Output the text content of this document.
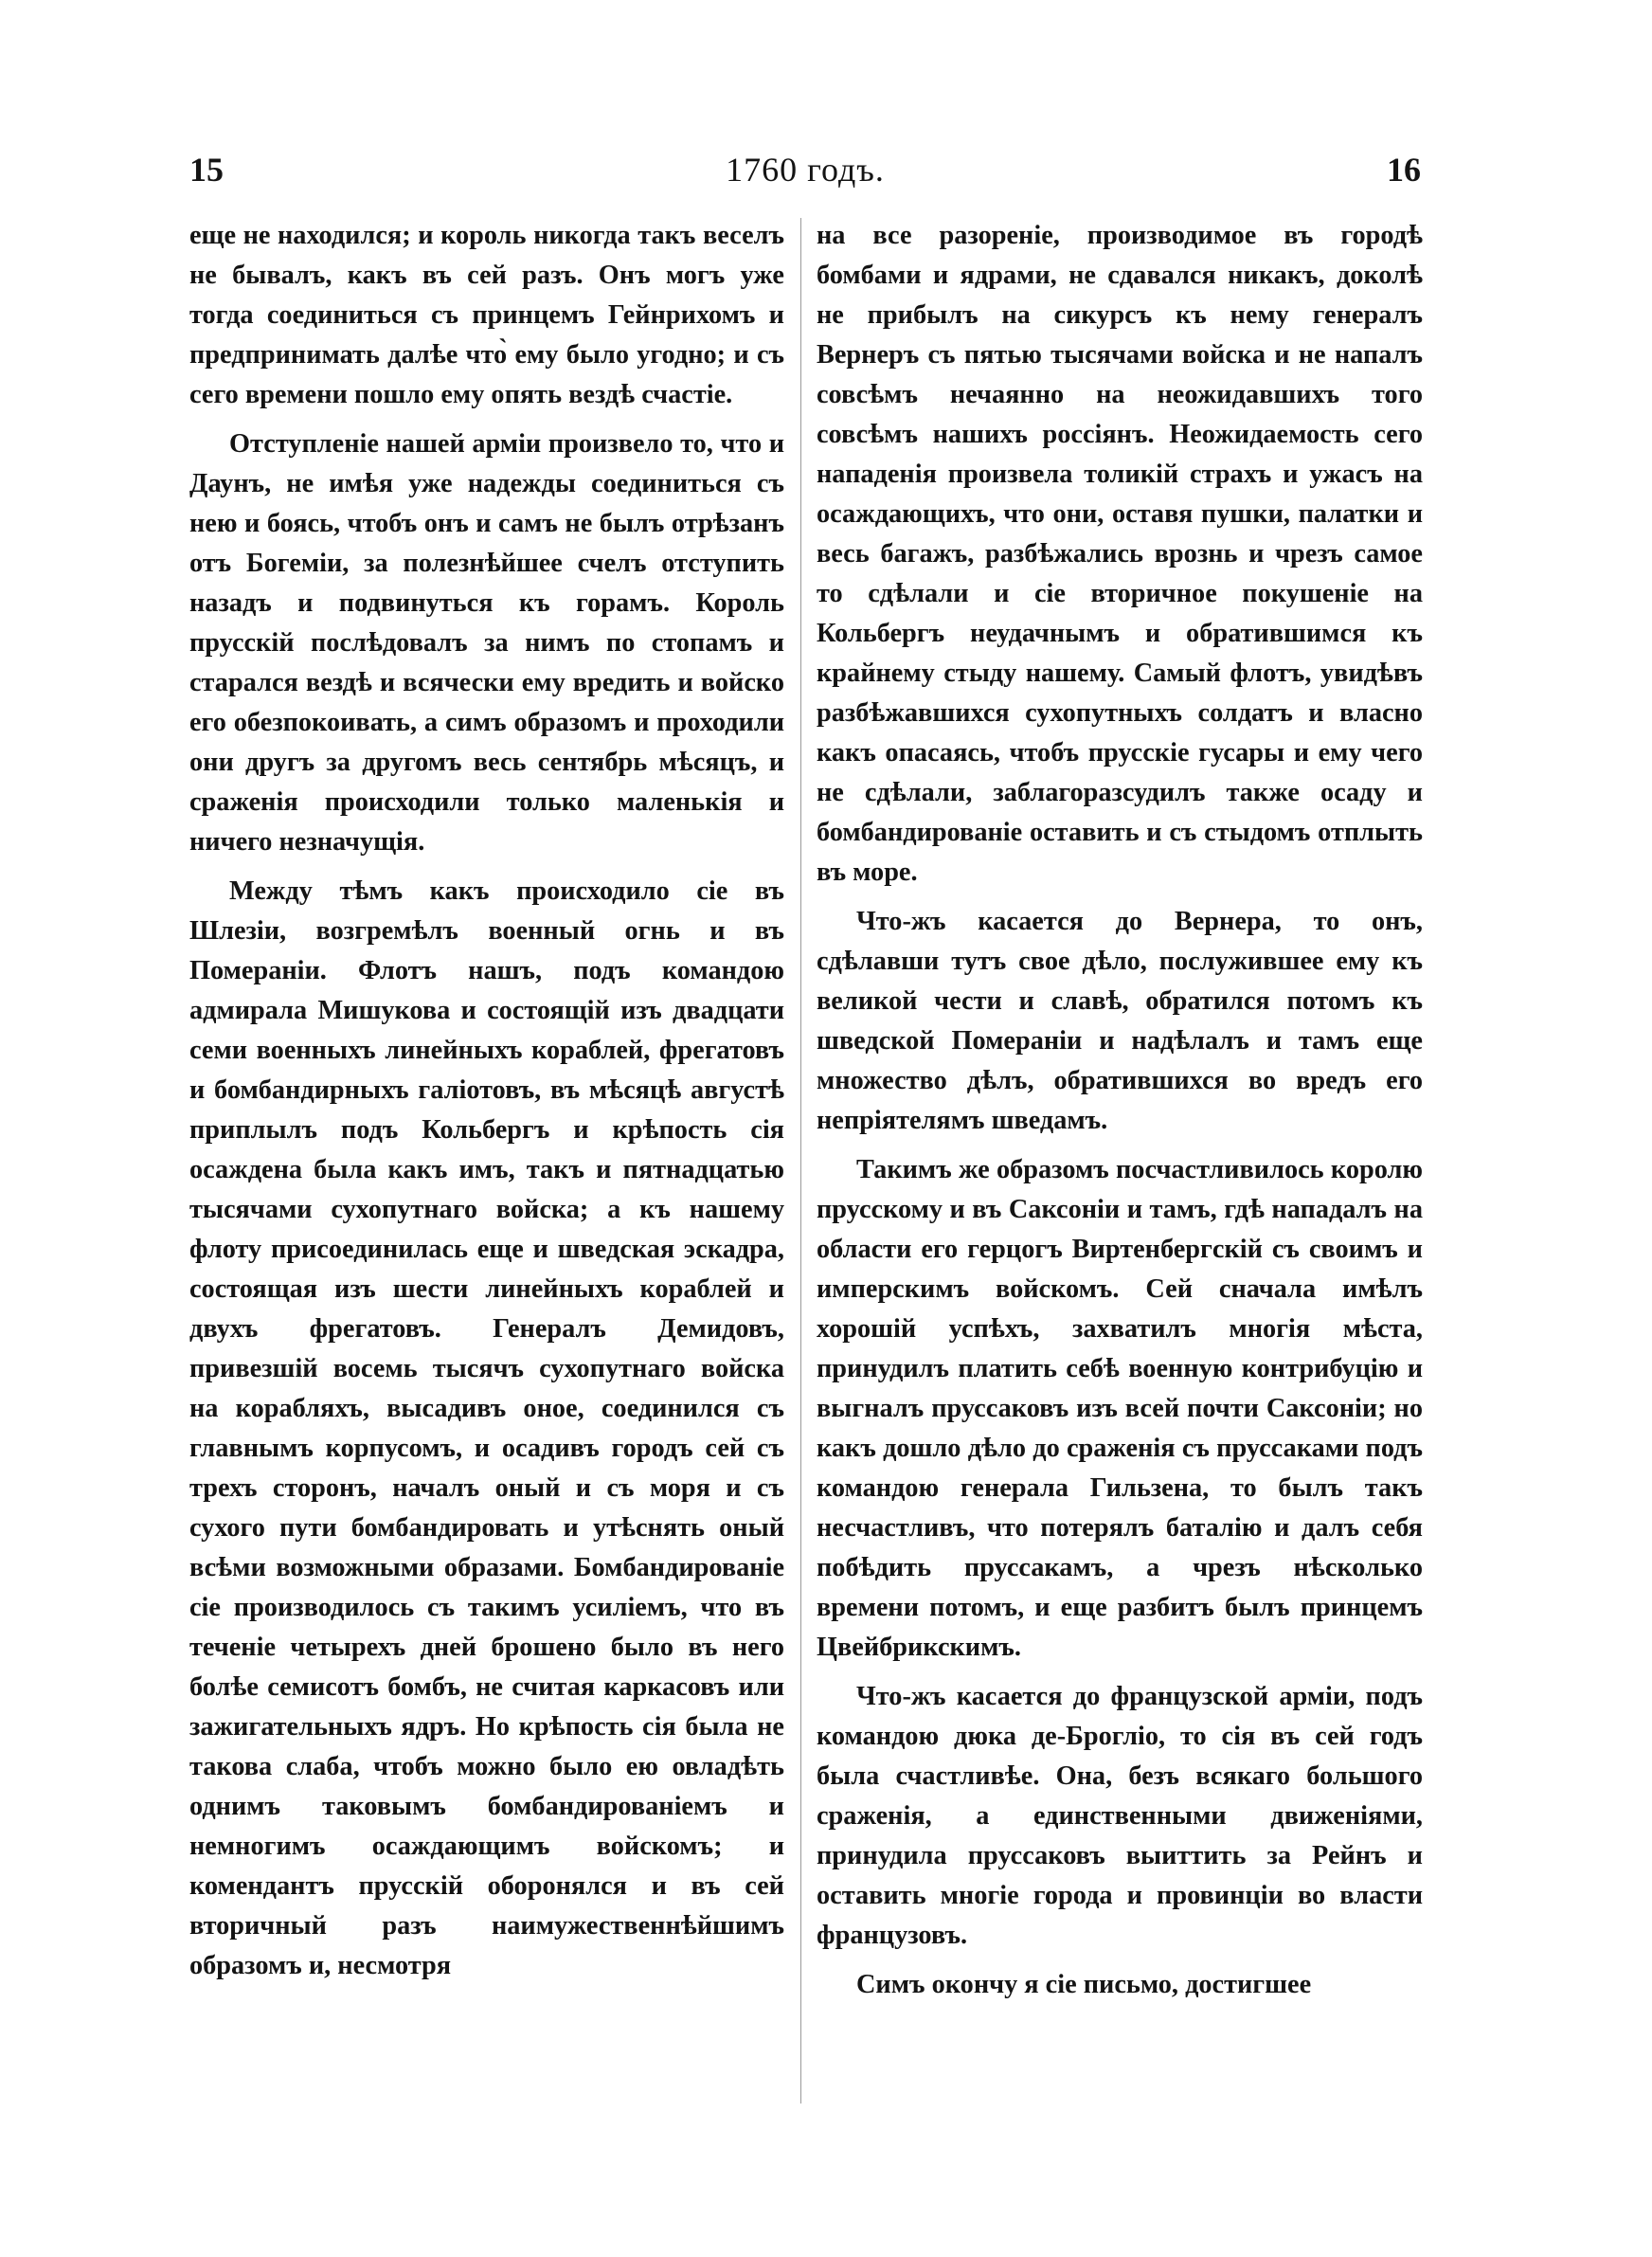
15	1760 годъ.	16

еще не находился; и король никогда такъ веселъ не бывалъ, какъ въ сей разъ. Онъ могъ уже тогда соединиться съ принцемъ Гейнрихомъ и предпринимать далѣе что̀ ему было угодно; и съ сего времени пошло ему опять вездѣ счастіе.

Отступленіе нашей арміи произвело то, что и Даунъ, не имѣя уже надежды соединиться съ нею и боясь, чтобъ онъ и самъ не былъ отрѣзанъ отъ Богеміи, за полезнѣйшее счелъ отступить назадъ и подвинуться къ горамъ. Король прусскій послѣдовалъ за нимъ по стопамъ и старался вездѣ и всячески ему вредить и войско его обезпокоивать, а симъ образомъ и проходили они другъ за другомъ весь сентябрь мѣсяцъ, и сраженія происходили только маленькія и ничего незначущія.

Между тѣмъ какъ происходило сіе въ Шлезіи, возгремѣлъ военный огнь и въ Помераніи. Флотъ нашъ, подъ командою адмирала Мишукова и состоящій изъ двадцати семи военныхъ линейныхъ кораблей, фрегатовъ и бомбандирныхъ галіотовъ, въ мѣсяцѣ августѣ приплылъ подъ Кольбергъ и крѣпость сія осаждена была какъ имъ, такъ и пятнадцатью тысячами сухопутнаго войска; а къ нашему флоту присоединилась еще и шведская эскадра, состоящая изъ шести линейныхъ кораблей и двухъ фрегатовъ. Генералъ Демидовъ, привезшій восемь тысячъ сухопутнаго войска на корабляхъ, высадивъ оное, соединился съ главнымъ корпусомъ, и осадивъ городъ сей съ трехъ сторонъ, началъ оный и съ моря и съ сухого пути бомбандировать и утѣснять оный всѣми возможными образами. Бомбандированіе сіе производилось съ такимъ усиліемъ, что въ теченіе четырехъ дней брошено было въ него болѣе семисотъ бомбъ, не считая каркасовъ или зажигательныхъ ядръ. Но крѣпость сія была не такова слаба, чтобъ можно было ею овладѣть однимъ таковымъ бомбандированіемъ и немногимъ осаждающимъ войскомъ; и комендантъ прусскій оборонялся и въ сей вторичный разъ наимужественнѣйшимъ образомъ и, несмотря

на все разореніе, производимое въ городѣ бомбами и ядрами, не сдавался никакъ, доколѣ не прибылъ на сикурсъ къ нему генералъ Вернеръ съ пятью тысячами войска и не напалъ совсѣмъ нечаянно на неожидавшихъ того совсѣмъ нашихъ россіянъ. Неожидаемость сего нападенія произвела толикій страхъ и ужасъ на осаждающихъ, что они, оставя пушки, палатки и весь багажъ, разбѣжались врознь и чрезъ самое то сдѣлали и сіе вторичное покушеніе на Кольбергъ неудачнымъ и обратившимся къ крайнему стыду нашему. Самый флотъ, увидѣвъ разбѣжавшихся сухопутныхъ солдатъ и власно какъ опасаясь, чтобъ прусскіе гусары и ему чего не сдѣлали, заблагоразсудилъ также осаду и бомбандированіе оставить и съ стыдомъ отплыть въ море.

Что-жъ касается до Вернера, то онъ, сдѣлавши тутъ свое дѣло, послужившее ему къ великой чести и славѣ, обратился потомъ къ шведской Помераніи и надѣлалъ и тамъ еще множество дѣлъ, обратившихся во вредъ его непріятелямъ шведамъ.

Такимъ же образомъ посчастливилось королю прусскому и въ Саксоніи и тамъ, гдѣ нападалъ на области его герцогъ Виртенбергскій съ своимъ и имперскимъ войскомъ. Сей сначала имѣлъ хорошій успѣхъ, захватилъ многія мѣста, принудилъ платить себѣ военную контрибуцію и выгналъ пруссаковъ изъ всей почти Саксоніи; но какъ дошло дѣло до сраженія съ пруссаками подъ командою генерала Гильзена, то былъ такъ несчастливъ, что потерялъ баталію и далъ себя побѣдить пруссакамъ, а чрезъ нѣсколько времени потомъ, и еще разбитъ былъ принцемъ Цвейбрикскимъ.

Что-жъ касается до французской арміи, подъ командою дюка де-Брогліо, то сія въ сей годъ была счастливѣе. Она, безъ всякаго большого сраженія, а единственными движеніями, принудила пруссаковъ выиттить за Рейнъ и оставить многіе города и провинціи во власти французовъ.

Симъ окончу я сіе письмо, достигшее
